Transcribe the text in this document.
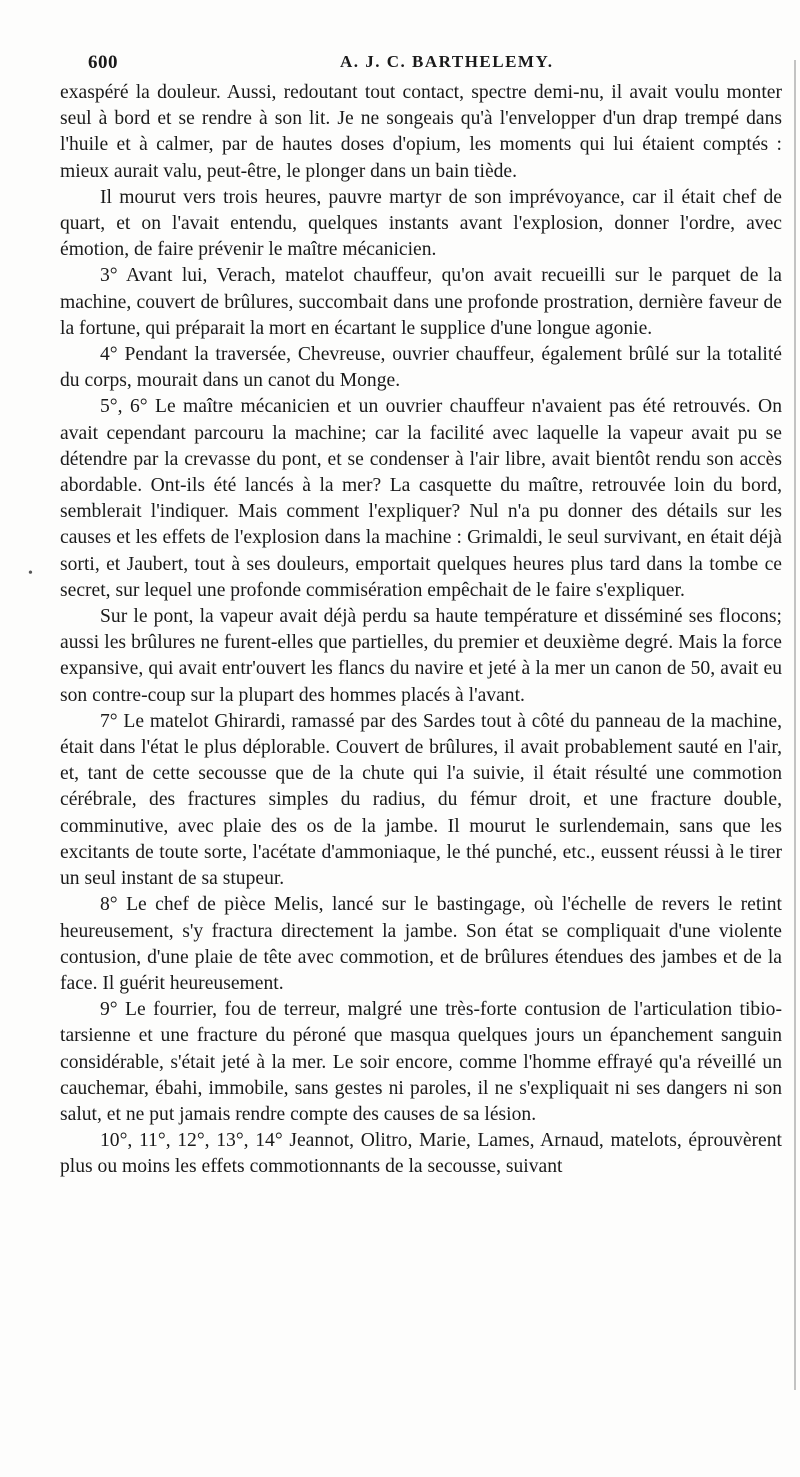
600	A. J. C. BARTHELEMY.
•

exaspéré la douleur. Aussi, redoutant tout contact, spectre demi-nu, il avait voulu monter seul à bord et se rendre à son lit. Je ne songeais qu'à l'envelopper d'un drap trempé dans l'huile et à calmer, par de hautes doses d'opium, les moments qui lui étaient comptés : mieux aurait valu, peut-être, le plonger dans un bain tiède.

Il mourut vers trois heures, pauvre martyr de son imprévoyance, car il était chef de quart, et on l'avait entendu, quelques instants avant l'explosion, donner l'ordre, avec émotion, de faire prévenir le maître mécanicien.

3° Avant lui, Verach, matelot chauffeur, qu'on avait recueilli sur le parquet de la machine, couvert de brûlures, succombait dans une profonde prostration, dernière faveur de la fortune, qui préparait la mort en écartant le supplice d'une longue agonie.

4° Pendant la traversée, Chevreuse, ouvrier chauffeur, également brûlé sur la totalité du corps, mourait dans un canot du Monge.

5°, 6° Le maître mécanicien et un ouvrier chauffeur n'avaient pas été retrouvés. On avait cependant parcouru la machine; car la facilité avec laquelle la vapeur avait pu se détendre par la crevasse du pont, et se condenser à l'air libre, avait bientôt rendu son accès abordable. Ont-ils été lancés à la mer? La casquette du maître, retrouvée loin du bord, semblerait l'indiquer. Mais comment l'expliquer? Nul n'a pu donner des détails sur les causes et les effets de l'explosion dans la machine : Grimaldi, le seul survivant, en était déjà sorti, et Jaubert, tout à ses douleurs, emportait quelques heures plus tard dans la tombe ce secret, sur lequel une profonde commisération empêchait de le faire s'expliquer.

Sur le pont, la vapeur avait déjà perdu sa haute température et disséminé ses flocons; aussi les brûlures ne furent-elles que partielles, du premier et deuxième degré. Mais la force expansive, qui avait entr'ouvert les flancs du navire et jeté à la mer un canon de 50, avait eu son contre-coup sur la plupart des hommes placés à l'avant.

7° Le matelot Ghirardi, ramassé par des Sardes tout à côté du panneau de la machine, était dans l'état le plus déplorable. Couvert de brûlures, il avait probablement sauté en l'air, et, tant de cette secousse que de la chute qui l'a suivie, il était résulté une commotion cérébrale, des fractures simples du radius, du fémur droit, et une fracture double, comminutive, avec plaie des os de la jambe. Il mourut le surlendemain, sans que les excitants de toute sorte, l'acétate d'ammoniaque, le thé punché, etc., eussent réussi à le tirer un seul instant de sa stupeur.

8° Le chef de pièce Melis, lancé sur le bastingage, où l'échelle de revers le retint heureusement, s'y fractura directement la jambe. Son état se compliquait d'une violente contusion, d'une plaie de tête avec commotion, et de brûlures étendues des jambes et de la face. Il guérit heureusement.

9° Le fourrier, fou de terreur, malgré une très-forte contusion de l'articulation tibio-tarsienne et une fracture du péroné que masqua quelques jours un épanchement sanguin considérable, s'était jeté à la mer. Le soir encore, comme l'homme effrayé qu'a réveillé un cauchemar, ébahi, immobile, sans gestes ni paroles, il ne s'expliquait ni ses dangers ni son salut, et ne put jamais rendre compte des causes de sa lésion.

10°, 11°, 12°, 13°, 14° Jeannot, Olitro, Marie, Lames, Arnaud, matelots, éprouvèrent plus ou moins les effets commotionnants de la secousse, suivant
